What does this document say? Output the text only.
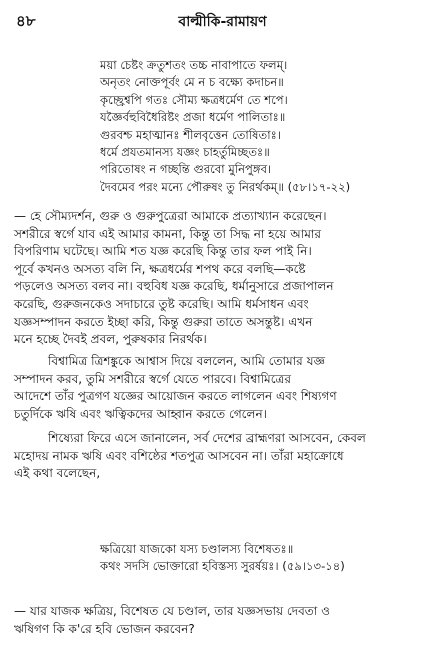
৪৮	বাল্মীকি-রামায়ণ
ময়া চেষ্টং ক্রতুশতং তচ্চ নাবাপাতে ফলম্।
অনৃতং নোক্তপূর্বং মে ন চ বক্ষ্যে কদাচন॥
কৃচ্ছ্রেশ্বপি গতঃ সৌম্য ক্ষত্রধর্মেণ তে শপে।
যজ্ঞৈর্বহুবিধৈরিষ্টং প্রজা ধর্মেণ পালিতাঃ॥
গুরবশ্চ মহাত্মানঃ শীলবৃত্তেন তোষিতাঃ।
ধর্মে প্রযতমানস্য যজ্ঞং চাহর্তুমিচ্ছতঃ॥
পরিতোষং ন গচ্ছন্তি গুরবো মুনিপুঙ্গব।
দৈবমেব পরং মন্যে পৌরুষং তু নিরর্থকম্॥ (৫৮।১৭-২২)
— হে সৌম্যদর্শন, গুরু ও গুরুপুত্রেরা আমাকে প্রত্যাখ্যান করেছেন।
সশরীরে স্বর্গে যাব এই আমার কামনা, কিন্তু তা সিদ্ধ না হয়ে আমার
বিপরিণাম ঘটেছে। আমি শত যজ্ঞ করেছি কিন্তু তার ফল পাই নি।
পূর্বে কখনও অসত্য বলি নি, ক্ষত্রধর্মের শপথ করে বলছি—কষ্টে
পড়লেও অসত্য বলব না। বহুবিধ যজ্ঞ করেছি, ধর্মানুসারে প্রজাপালন
করেছি, গুরুজনকেও সদাচারে তুষ্ট করেছি। আমি ধর্মসাধন এবং
যজ্ঞসম্পাদন করতে ইচ্ছা করি, কিন্তু গুরুরা তাতে অসন্তুষ্ট। এখন
মনে হচ্ছে দৈবই প্রবল, পুরুষকার নিরর্থক।
বিশ্বামিত্র ত্রিশঙ্কুকে আশ্বাস দিয়ে বললেন, আমি তোমার যজ্ঞ
সম্পাদন করব, তুমি সশরীরে স্বর্গে যেতে পারবে। বিশ্বামিত্রের
আদেশে তাঁর পুত্রগণ যজ্ঞের আয়োজন করতে লাগলেন এবং শিষ্যগণ
চতুর্দিকে ঋষি এবং ঋত্বিকদের আহ্বান করতে গেলেন।
শিষ্যেরা ফিরে এসে জানালেন, সর্ব দেশের ব্রাহ্মণরা আসবেন, কেবল
মহোদয় নামক ঋষি এবং বশিষ্ঠের শতপুত্র আসবেন না। তাঁরা মহাক্রোধে
এই কথা বলেছেন,
ক্ষত্রিয়ো যাজকো যস্য চণ্ডালস্য বিশেষতঃ॥
কথং সদসি ভোক্তারো হবিস্তস্য সুরর্ষয়ঃ। (৫৯।১৩-১৪)
— যার যাজক ক্ষত্রিয়, বিশেষত যে চণ্ডাল, তার যজ্ঞসভায় দেবতা ও
ঋষিগণ কি ক'রে হবি ভোজন করবেন?
